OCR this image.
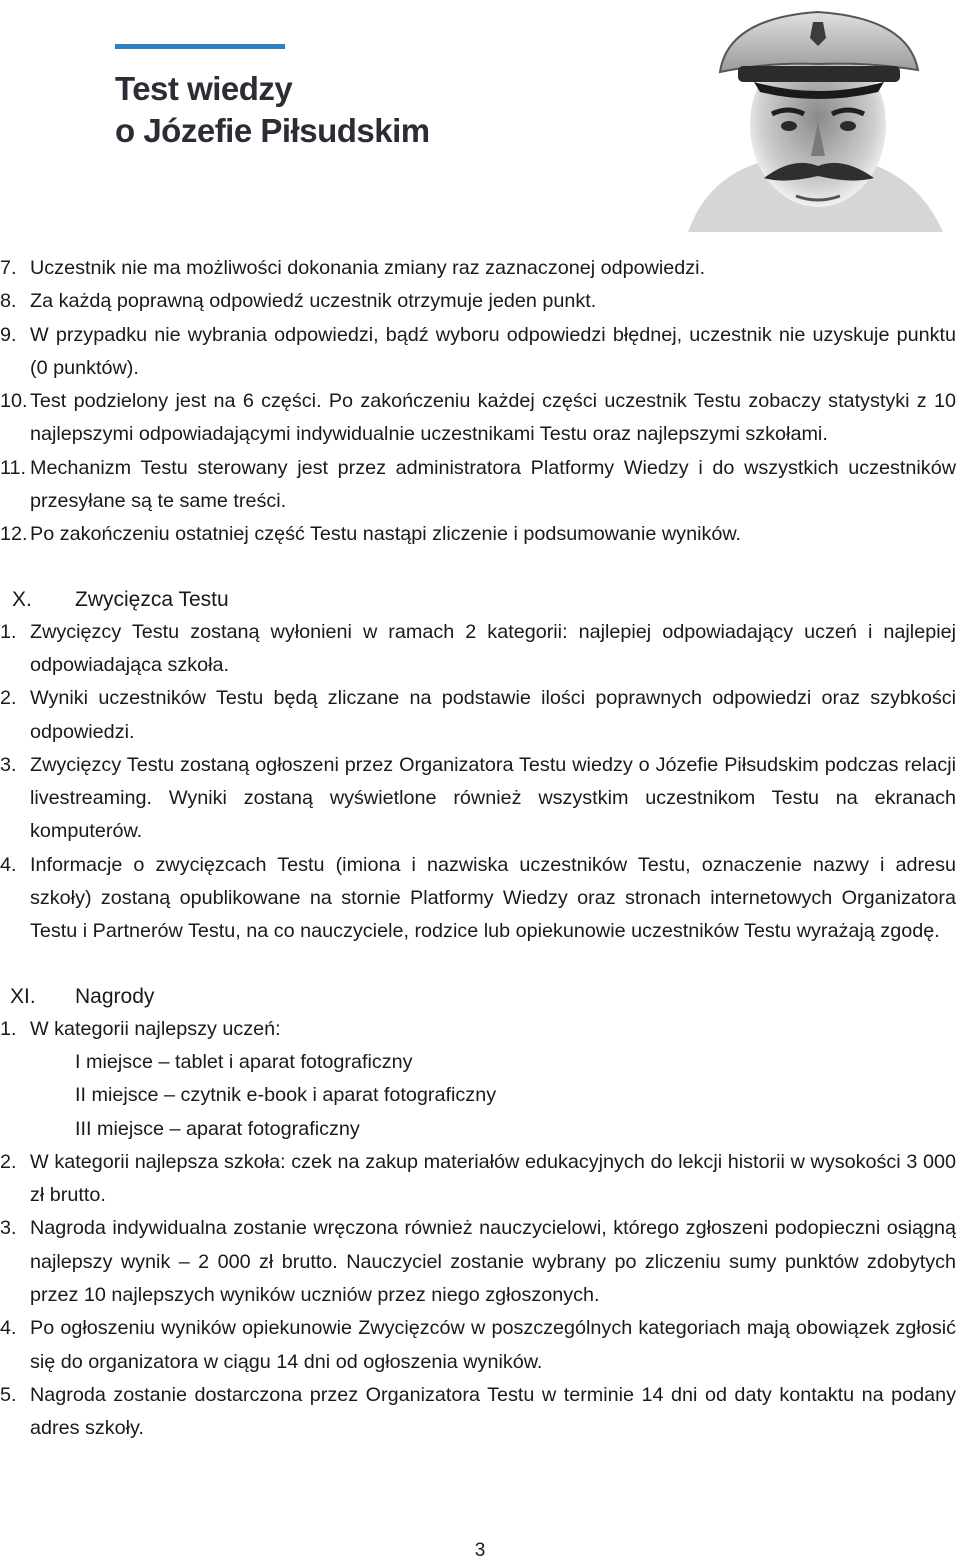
Test wiedzy
o Józefie Piłsudskim
7. Uczestnik nie ma możliwości dokonania zmiany raz zaznaczonej odpowiedzi.
8. Za każdą poprawną odpowiedź uczestnik otrzymuje jeden punkt.
9. W przypadku nie wybrania odpowiedzi, bądź wyboru odpowiedzi błędnej, uczestnik nie uzyskuje punktu (0 punktów).
10. Test podzielony jest na 6 części. Po zakończeniu każdej części uczestnik Testu zobaczy statystyki z 10 najlepszymi odpowiadającymi indywidualnie uczestnikami Testu oraz najlepszymi szkołami.
11. Mechanizm Testu sterowany jest przez administratora Platformy Wiedzy i do wszystkich uczestników przesyłane są te same treści.
12. Po zakończeniu ostatniej część Testu nastąpi zliczenie i podsumowanie wyników.
X. Zwycięzca Testu
1. Zwycięzcy Testu zostaną wyłonieni w ramach 2 kategorii: najlepiej odpowiadający uczeń i najlepiej odpowiadająca szkoła.
2. Wyniki uczestników Testu będą zliczane na podstawie ilości poprawnych odpowiedzi oraz szybkości odpowiedzi.
3. Zwycięzcy Testu zostaną ogłoszeni przez Organizatora Testu wiedzy o Józefie Piłsudskim podczas relacji livestreaming. Wyniki zostaną wyświetlone również wszystkim uczestnikom Testu na ekranach komputerów.
4. Informacje o zwycięzcach Testu (imiona i nazwiska uczestników Testu, oznaczenie nazwy i adresu szkoły) zostaną opublikowane na stornie Platformy Wiedzy oraz stronach internetowych Organizatora Testu i Partnerów Testu, na co nauczyciele, rodzice lub opiekunowie uczestników Testu wyrażają zgodę.
XI. Nagrody
1. W kategorii najlepszy uczeń:
I miejsce – tablet i aparat fotograficzny
II miejsce – czytnik e-book i aparat fotograficzny
III miejsce – aparat fotograficzny
2. W kategorii najlepsza szkoła: czek na zakup materiałów edukacyjnych do lekcji historii w wysokości 3 000 zł brutto.
3. Nagroda indywidualna zostanie wręczona również nauczycielowi, którego zgłoszeni podopieczni osiągną najlepszy wynik – 2 000 zł brutto. Nauczyciel zostanie wybrany po zliczeniu sumy punktów zdobytych przez 10 najlepszych wyników uczniów przez niego zgłoszonych.
4. Po ogłoszeniu wyników opiekunowie Zwycięzców w poszczególnych kategoriach mają obowiązek zgłosić się do organizatora w ciągu 14 dni od ogłoszenia wyników.
5. Nagroda zostanie dostarczona przez Organizatora Testu w terminie 14 dni od daty kontaktu na podany adres szkoły.
3
